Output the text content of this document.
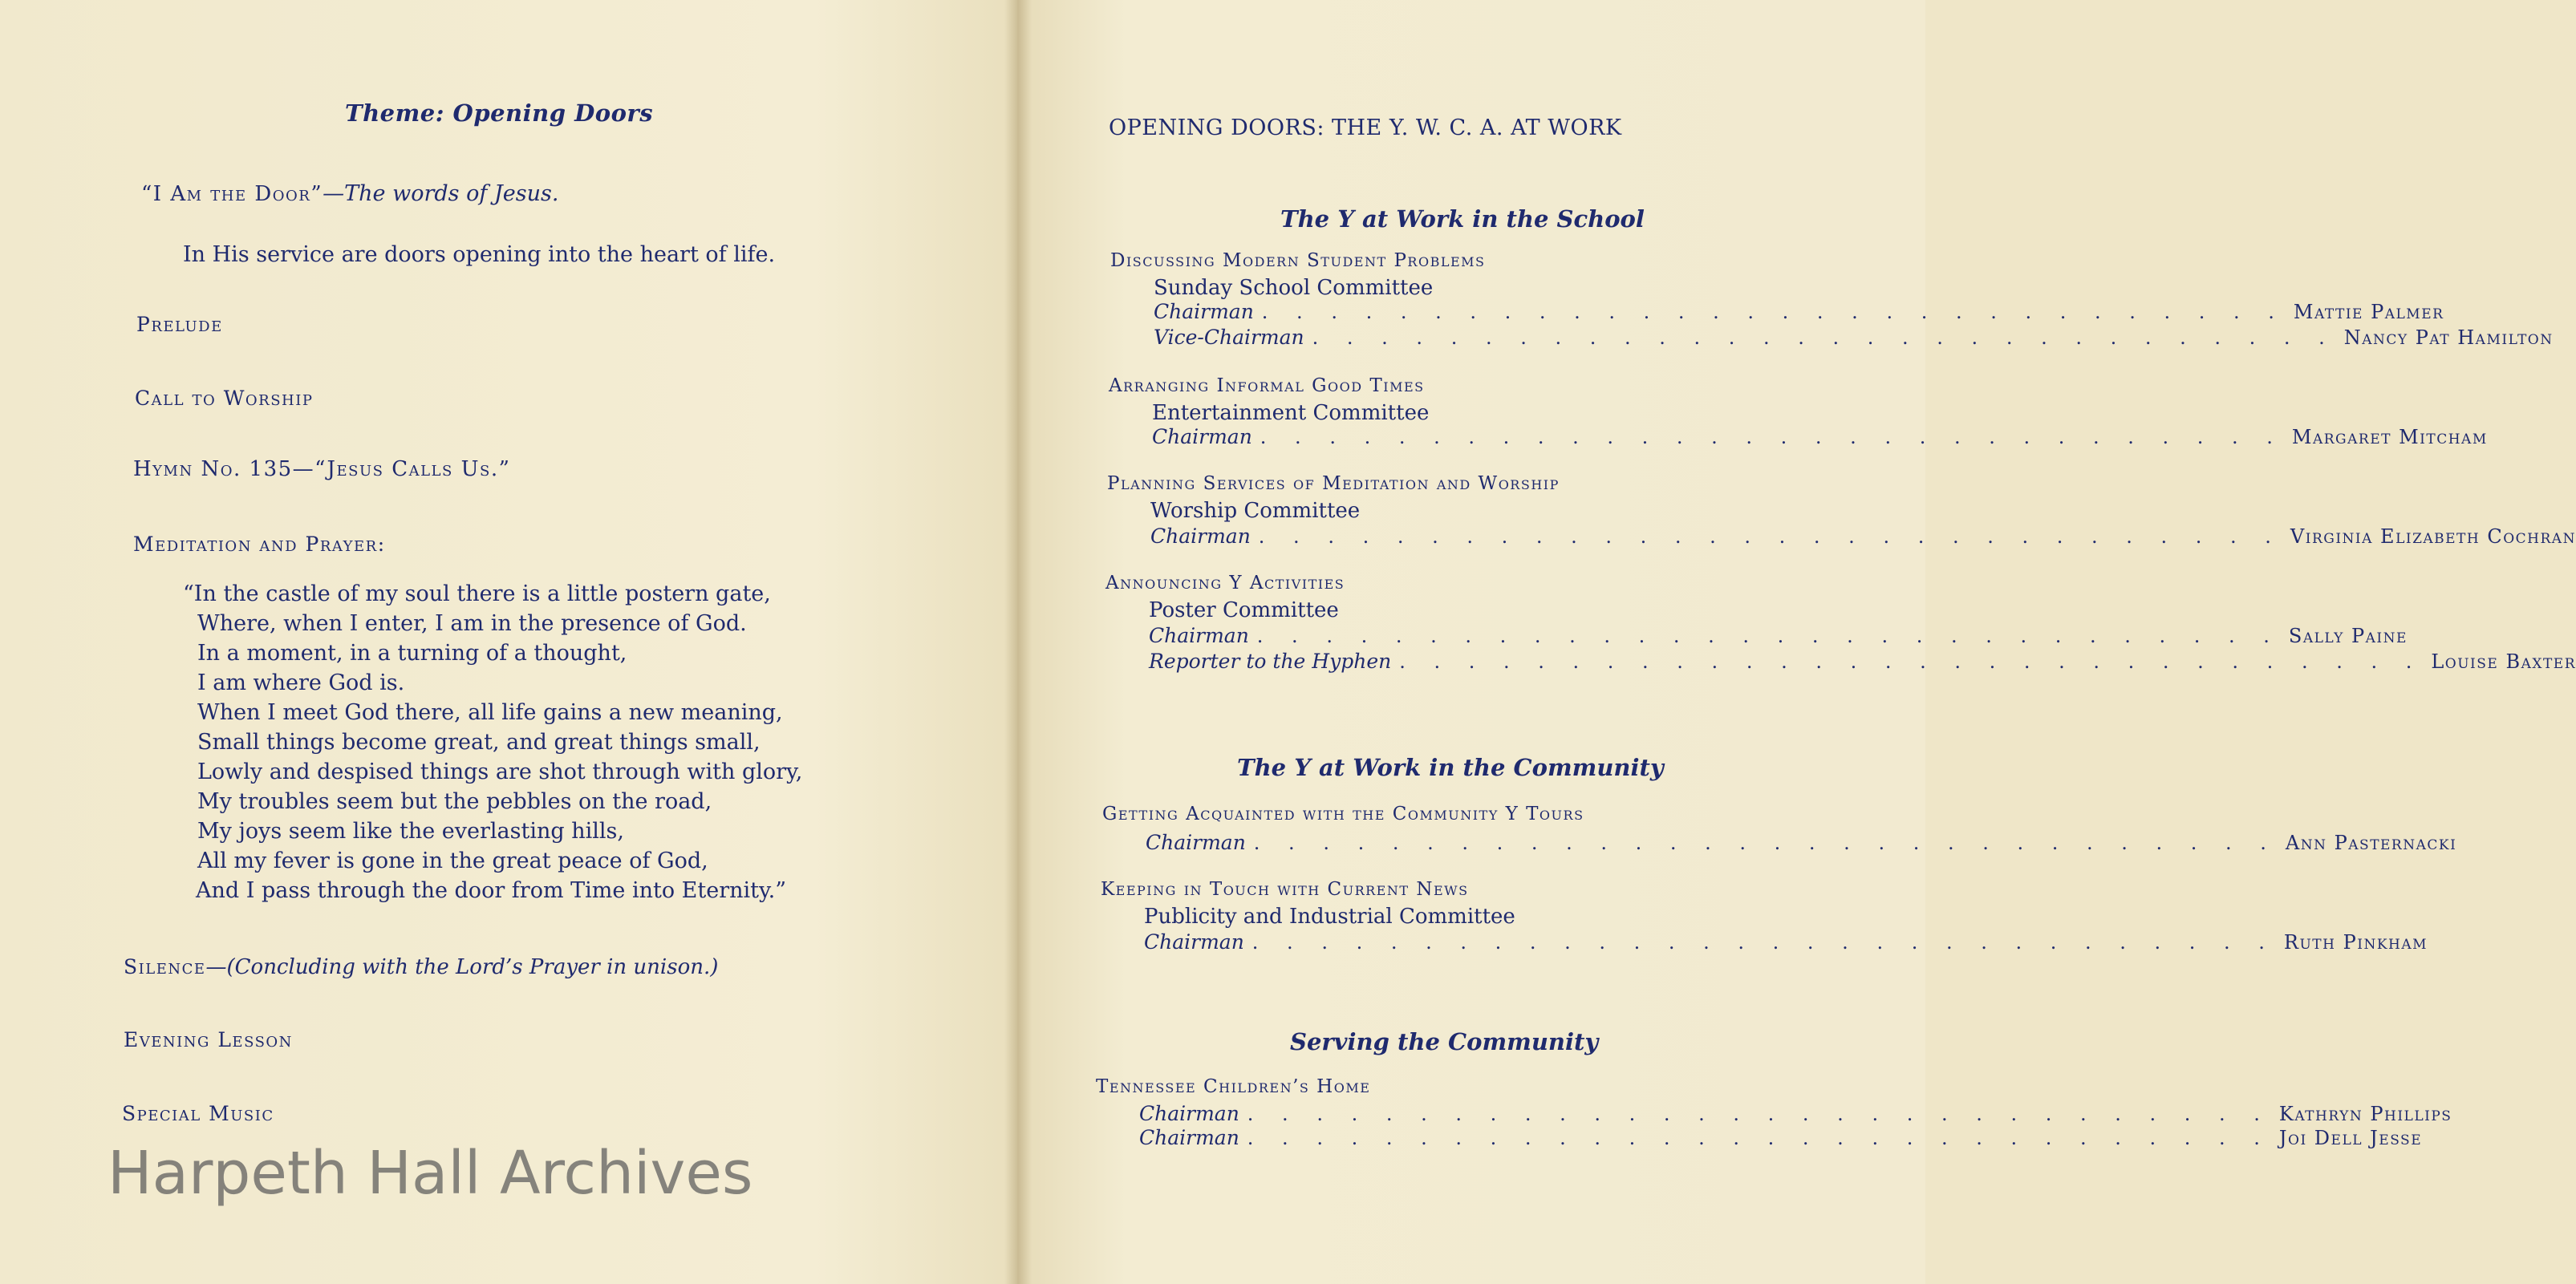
Theme: Opening Doors
“I Am the Door”—The words of Jesus.
In His service are doors opening into the heart of life.
Prelude
Call to Worship
Hymn No. 135—“Jesus Calls Us.”
Meditation and Prayer:
“In the castle of my soul there is a little postern gate,
Where, when I enter, I am in the presence of God.
In a moment, in a turning of a thought,
I am where God is.
When I meet God there, all life gains a new meaning,
Small things become great, and great things small,
Lowly and despised things are shot through with glory,
My troubles seem but the pebbles on the road,
My joys seem like the everlasting hills,
All my fever is gone in the great peace of God,
And I pass through the door from Time into Eternity.”
Silence—(Concluding with the Lord’s Prayer in unison.)
Evening Lesson
Special Music
Harpeth Hall Archives
OPENING DOORS: THE Y. W. C. A. AT WORK
The Y at Work in the School
Discussing Modern Student Problems
Sunday School Committee
Chairman . . . . . . . . . . . . . . . . . . . . . . . . . . . . . . Mattie Palmer
Vice-Chairman . . . . . . . . . . . . . . . . . . . . . . . . . . . . . . Nancy Pat Hamilton
Arranging Informal Good Times
Entertainment Committee
Chairman . . . . . . . . . . . . . . . . . . . . . . . . . . . . . . Margaret Mitcham
Planning Services of Meditation and Worship
Worship Committee
Chairman . . . . . . . . . . . . . . . . . . . . . . . . . . . . . . Virginia Elizabeth Cochran
Announcing Y Activities
Poster Committee
Chairman . . . . . . . . . . . . . . . . . . . . . . . . . . . . . . Sally Paine
Reporter to the Hyphen . . . . . . . . . . . . . . . . . . . . . . . . . . . . . . Louise Baxter
The Y at Work in the Community
Getting Acquainted with the Community Y Tours
Chairman . . . . . . . . . . . . . . . . . . . . . . . . . . . . . . Ann Pasternacki
Keeping in Touch with Current News
Publicity and Industrial Committee
Chairman . . . . . . . . . . . . . . . . . . . . . . . . . . . . . . Ruth Pinkham
Serving the Community
Tennessee Children’s Home
Chairman . . . . . . . . . . . . . . . . . . . . . . . . . . . . . . Kathryn Phillips
Chairman . . . . . . . . . . . . . . . . . . . . . . . . . . . . . . Joi Dell Jesse
